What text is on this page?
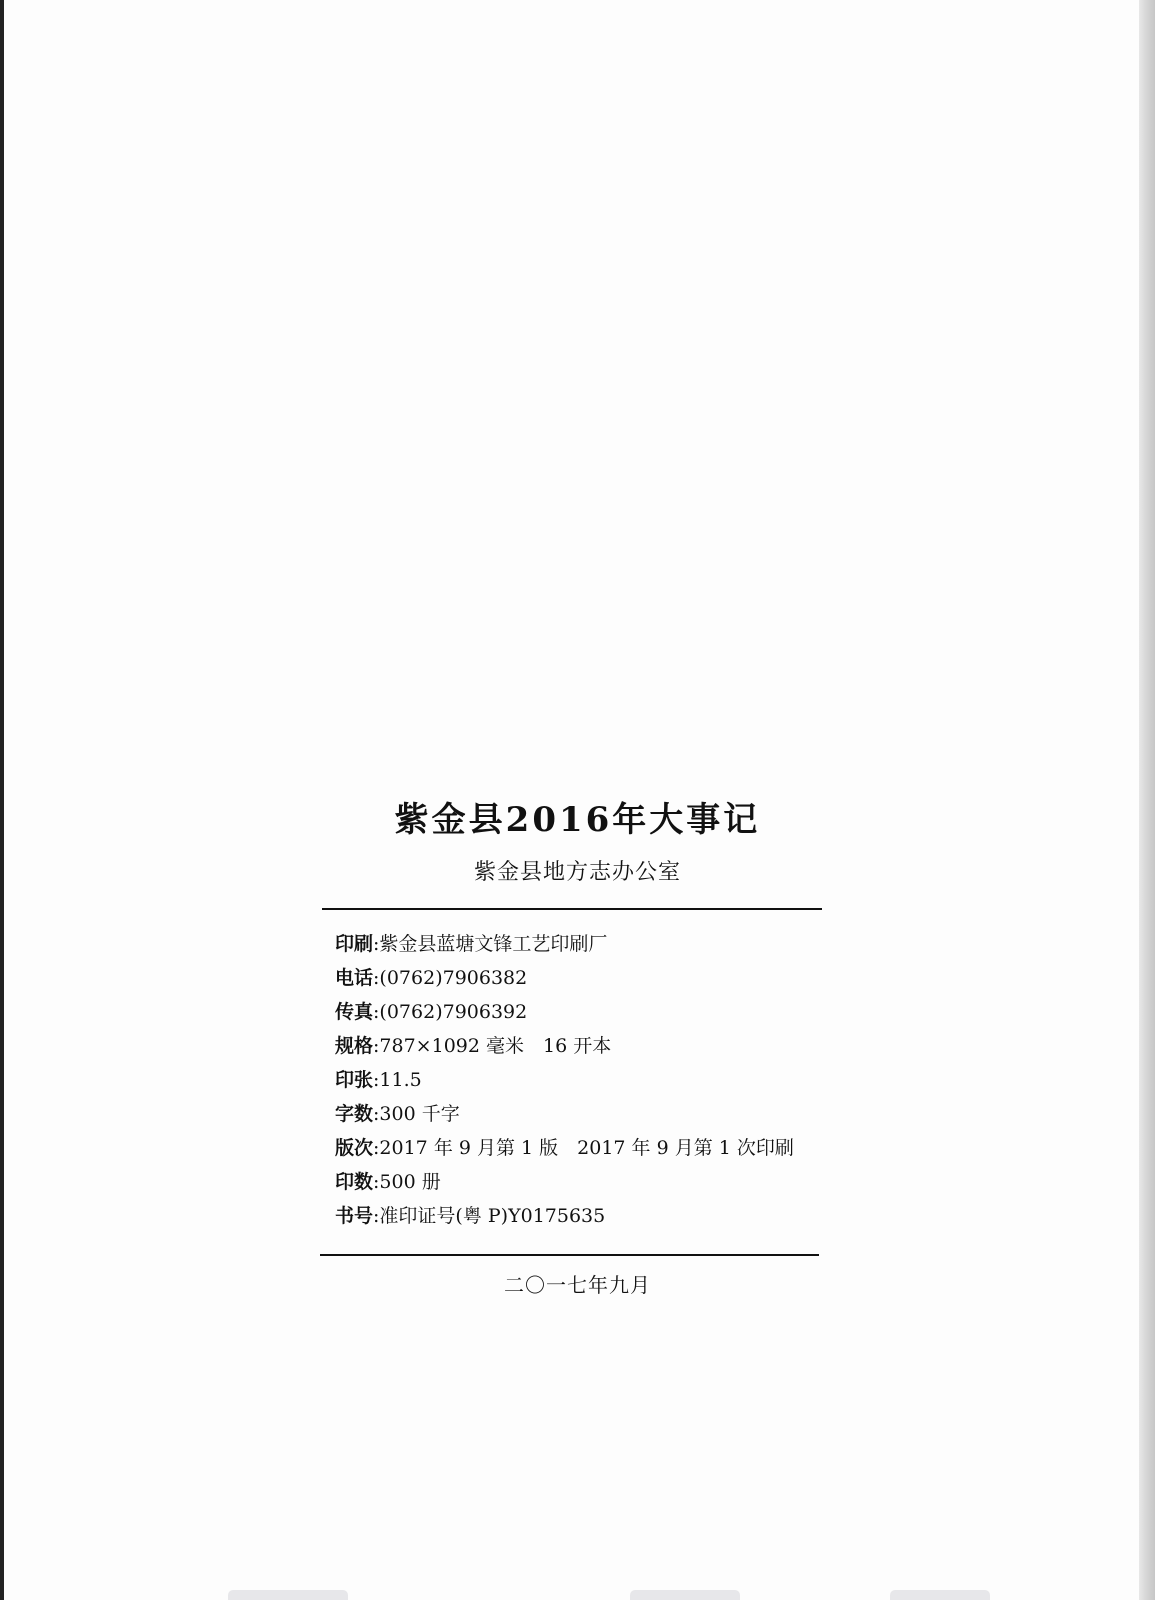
紫金县2016年大事记
紫金县地方志办公室
印刷:紫金县蓝塘文锋工艺印刷厂
电话:(0762)7906382
传真:(0762)7906392
规格:787×1092 毫米　16 开本
印张:11.5
字数:300 千字
版次:2017 年 9 月第 1 版　2017 年 9 月第 1 次印刷
印数:500 册
书号:准印证号(粤 P)Y0175635
二〇一七年九月
